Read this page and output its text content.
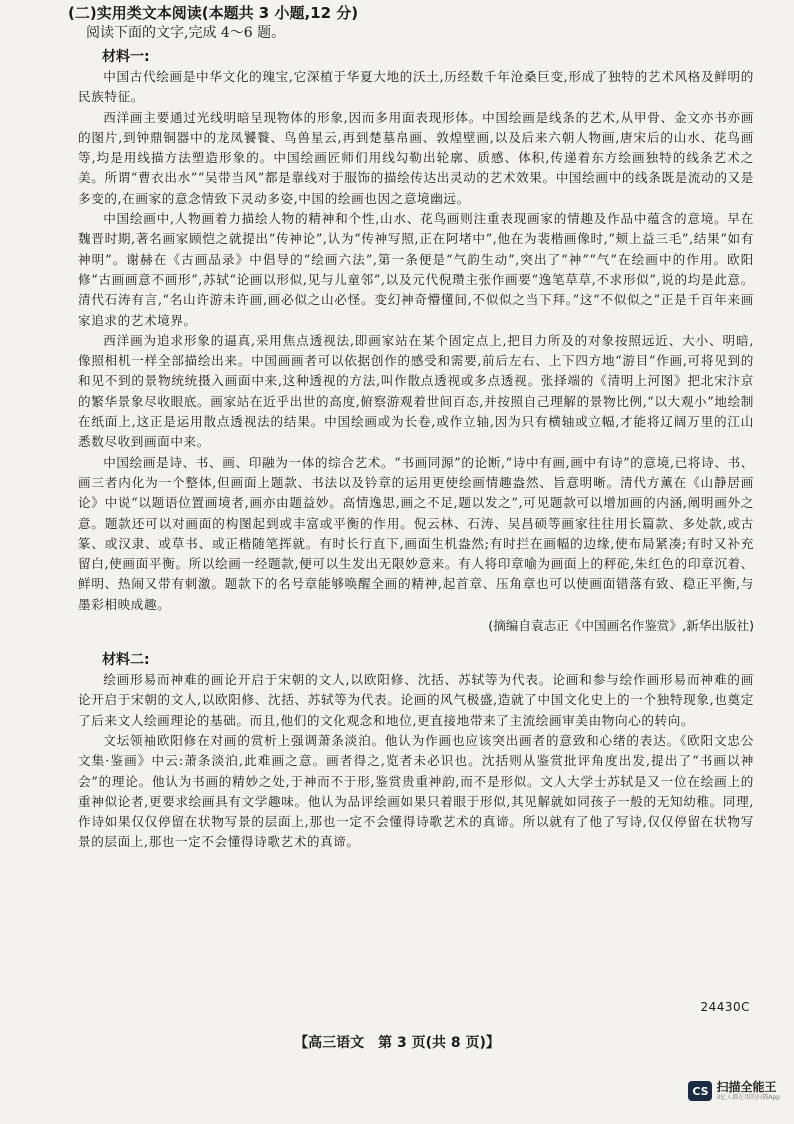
(二)实用类文本阅读(本题共 3 小题,12 分)
阅读下面的文字,完成 4～6 题。
材料一:

中国古代绘画是中华文化的瑰宝,它深植于华夏大地的沃土,历经数千年沧桑巨变,形成了独特的艺术风格及鲜明的民族特征。

西洋画主要通过光线明暗呈现物体的形象,因而多用面表现形体。中国绘画是线条的艺术,从甲骨、金文亦书亦画的图片,到钟鼎铜器中的龙凤饕餮、鸟兽星云,再到楚墓帛画、敦煌壁画,以及后来六朝人物画,唐宋后的山水、花鸟画等,均是用线描方法塑造形象的。中国绘画匠师们用线勾勒出轮廓、质感、体积,传递着东方绘画独特的线条艺术之美。所谓“曹衣出水”“吴带当风”都是靠线对于服饰的描绘传达出灵动的艺术效果。中国绘画中的线条既是流动的又是多变的,在画家的意念情致下灵动多姿,中国的绘画也因之意境幽远。

中国绘画中,人物画着力描绘人物的精神和个性,山水、花鸟画则注重表现画家的情趣及作品中蕴含的意境。早在魏晋时期,著名画家顾恺之就提出“传神论”,认为“传神写照,正在阿堵中”,他在为裴楷画像时,“颊上益三毛”,结果“如有神明”。谢赫在《古画品录》中倡导的“绘画六法”,第一条便是“气韵生动”,突出了“神”“气”在绘画中的作用。欧阳修“古画画意不画形”,苏轼“论画以形似,见与儿童邻”,以及元代倪瓒主张作画要“逸笔草草,不求形似”,说的均是此意。清代石涛有言,“名山许游未许画,画必似之山必怪。变幻神奇懵懂间,不似似之当下拜。”这“不似似之”正是千百年来画家追求的艺术境界。

西洋画为追求形象的逼真,采用焦点透视法,即画家站在某个固定点上,把目力所及的对象按照远近、大小、明暗,像照相机一样全部描绘出来。中国画画者可以依据创作的感受和需要,前后左右、上下四方地“游目”作画,可将见到的和见不到的景物统统摄入画面中来,这种透视的方法,叫作散点透视或多点透视。张择端的《清明上河图》把北宋汴京的繁华景象尽收眼底。画家站在近乎出世的高度,俯察游观着世间百态,并按照自己理解的景物比例,“以大观小”地绘制在纸面上,这正是运用散点透视法的结果。中国绘画或为长卷,或作立轴,因为只有横轴或立幅,才能将辽阔万里的江山悉数尽收到画面中来。

中国绘画是诗、书、画、印融为一体的综合艺术。“书画同源”的论断,“诗中有画,画中有诗”的意境,已将诗、书、画三者内化为一个整体,但画面上题款、书法以及钤章的运用更使绘画情趣盎然、旨意明晰。清代方薰在《山静居画论》中说“以题语位置画境者,画亦由题益妙。高情逸思,画之不足,题以发之”,可见题款可以增加画的内涵,阐明画外之意。题款还可以对画面的构图起到或丰富或平衡的作用。倪云林、石涛、吴昌硕等画家往往用长篇款、多处款,或古篆、或汉隶、或草书、或正楷随笔挥就。有时长行直下,画面生机盎然;有时拦在画幅的边缘,使布局紧凑;有时又补充留白,使画面平衡。所以绘画一经题款,便可以生发出无限妙意来。有人将印章喻为画面上的秤砣,朱红色的印章沉着、鲜明、热闹又带有刺激。题款下的名号章能够唤醒全画的精神,起首章、压角章也可以使画面错落有致、稳正平衡,与墨彩相映成趣。

(摘编自袁志正《中国画名作鉴赏》,新华出版社)
材料二:

绘画形易而神难的画论开启于宋朝的文人,以欧阳修、沈括、苏轼等为代表。论画和参与绘作画形易而神难的画论开启于宋朝的文人,以欧阳修、沈括、苏轼等为代表。论画的风气极盛,造就了中国文化史上的一个独特现象,也奠定了后来文人绘画理论的基础。而且,他们的文化观念和地位,更直接地带来了主流绘画审美由物向心的转向。

文坛领袖欧阳修在对画的赏析上强调萧条淡泊。他认为作画也应该突出画者的意致和心绪的表达。《欧阳文忠公文集·鉴画》中云:萧条淡泊,此难画之意。画者得之,览者未必识也。沈括则从鉴赏批评角度出发,提出了“书画以神会”的理论。他认为书画的精妙之处,于神而不于形,鉴赏贵重神韵,而不是形似。文人大学士苏轼是又一位在绘画上的重神似论者,更要求绘画具有文学趣味。他认为品评绘画如果只着眼于形似,其见解就如同孩子一般的无知幼稚。同理,作诗如果仅仅停留在状物写景的层面上,那也一定不会懂得诗歌艺术的真谛。所以就有了他了写诗,仅仅停留在状物写景的层面上,那也一定不会懂得诗歌艺术的真谛。

24430C
【高三语文　第 3 页(共 8 页)】
CS 扫描全能王
3亿人都在用的扫描App
